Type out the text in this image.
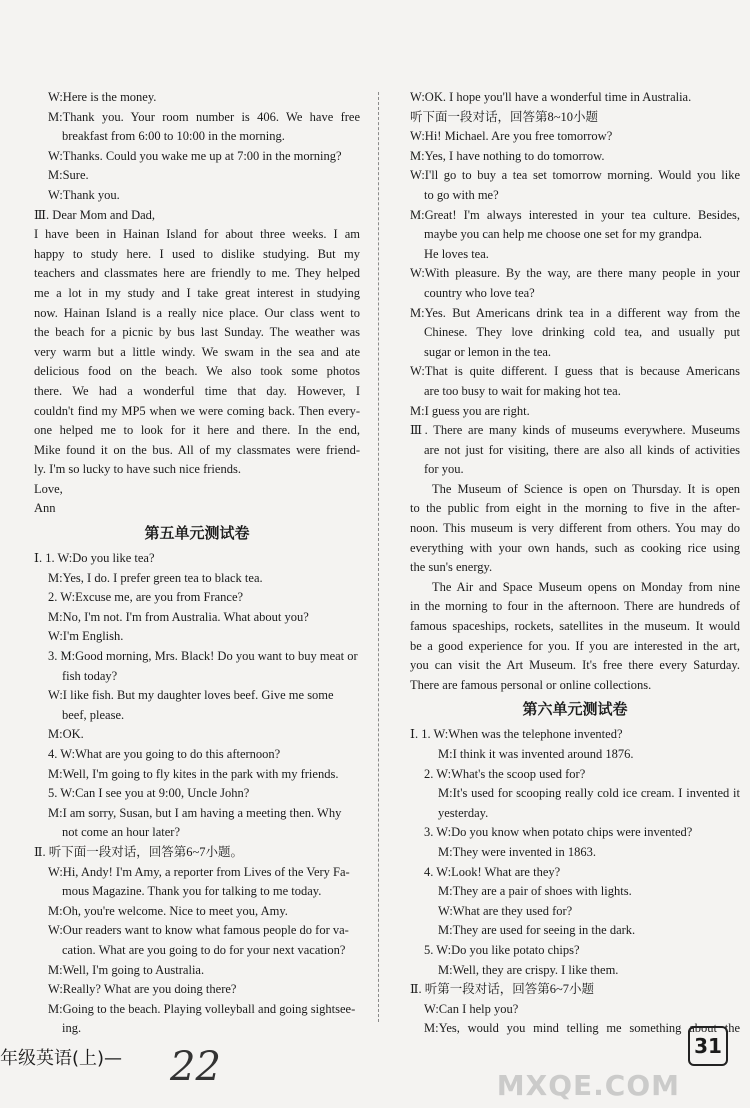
W:Here is the money.
M:Thank you. Your room number is 406. We have free
breakfast from 6:00 to 10:00 in the morning.
W:Thanks. Could you wake me up at 7:00 in the morning?
M:Sure.
W:Thank you.
Ⅲ. Dear Mom and Dad,
I have been in Hainan Island for about three weeks. I am
happy to study here. I used to dislike studying. But my
teachers and classmates here are friendly to me. They helped
me a lot in my study and I take great interest in studying
now. Hainan Island is a really nice place. Our class went to
the beach for a picnic by bus last Sunday. The weather was
very warm but a little windy. We swam in the sea and ate
delicious food on the beach. We also took some photos
there. We had a wonderful time that day. However, I
couldn't find my MP5 when we were coming back. Then every-
one helped me to look for it here and there. In the end,
Mike found it on the bus. All of my classmates were friend-
ly. I'm so lucky to have such nice friends.
Love,
Ann
第五单元测试卷
Ⅰ. 1. W:Do you like tea?
M:Yes, I do. I prefer green tea to black tea.
2. W:Excuse me, are you from France?
M:No, I'm not. I'm from Australia. What about you?
W:I'm English.
3. M:Good morning, Mrs. Black! Do you want to buy meat or
fish today?
W:I like fish. But my daughter loves beef. Give me some
beef, please.
M:OK.
4. W:What are you going to do this afternoon?
M:Well, I'm going to fly kites in the park with my friends.
5. W:Can I see you at 9:00, Uncle John?
M:I am sorry, Susan, but I am having a meeting then. Why
not come an hour later?
Ⅱ. 听下面一段对话，回答第6~7小题。
W:Hi, Andy! I'm Amy, a reporter from Lives of the Very Fa-
mous Magazine. Thank you for talking to me today.
M:Oh, you're welcome. Nice to meet you, Amy.
W:Our readers want to know what famous people do for va-
cation. What are you going to do for your next vacation?
M:Well, I'm going to Australia.
W:Really? What are you doing there?
M:Going to the beach. Playing volleyball and going sightsee-
ing.
W:OK. I hope you'll have a wonderful time in Australia.
听下面一段对话，回答第8~10小题
W:Hi! Michael. Are you free tomorrow?
M:Yes, I have nothing to do tomorrow.
W:I'll go to buy a tea set tomorrow morning. Would you like
to go with me?
M:Great! I'm always interested in your tea culture. Besides,
maybe you can help me choose one set for my grandpa.
He loves tea.
W:With pleasure. By the way, are there many people in your
country who love tea?
M:Yes. But Americans drink tea in a different way from the
Chinese. They love drinking cold tea, and usually put
sugar or lemon in the tea.
W:That is quite different. I guess that is because Americans
are too busy to wait for making hot tea.
M:I guess you are right.
Ⅲ. There are many kinds of museums everywhere. Museums
are not just for visiting, there are also all kinds of activities
for you.
The Museum of Science is open on Thursday. It is open
to the public from eight in the morning to five in the after-
noon. This museum is very different from others. You may do
everything with your own hands, such as cooking rice using
the sun's energy.
The Air and Space Museum opens on Monday from nine
in the morning to four in the afternoon. There are hundreds of
famous spaceships, rockets, satellites in the museum. It would
be a good experience for you. If you are interested in the art,
you can visit the Art Museum. It's free there every Saturday.
There are famous personal or online collections.
第六单元测试卷
Ⅰ. 1. W:When was the telephone invented?
M:I think it was invented around 1876.
2. W:What's the scoop used for?
M:It's used for scooping really cold ice cream. I invented it
yesterday.
3. W:Do you know when potato chips were invented?
M:They were invented in 1863.
4. W:Look! What are they?
M:They are a pair of shoes with lights.
W:What are they used for?
M:They are used for seeing in the dark.
5. W:Do you like potato chips?
M:Well, they are crispy. I like them.
Ⅱ. 听第一段对话，回答第6~7小题
W:Can I help you?
M:Yes, would you mind telling me something about the
年级英语(上)— 22	31
MXQE.COM
